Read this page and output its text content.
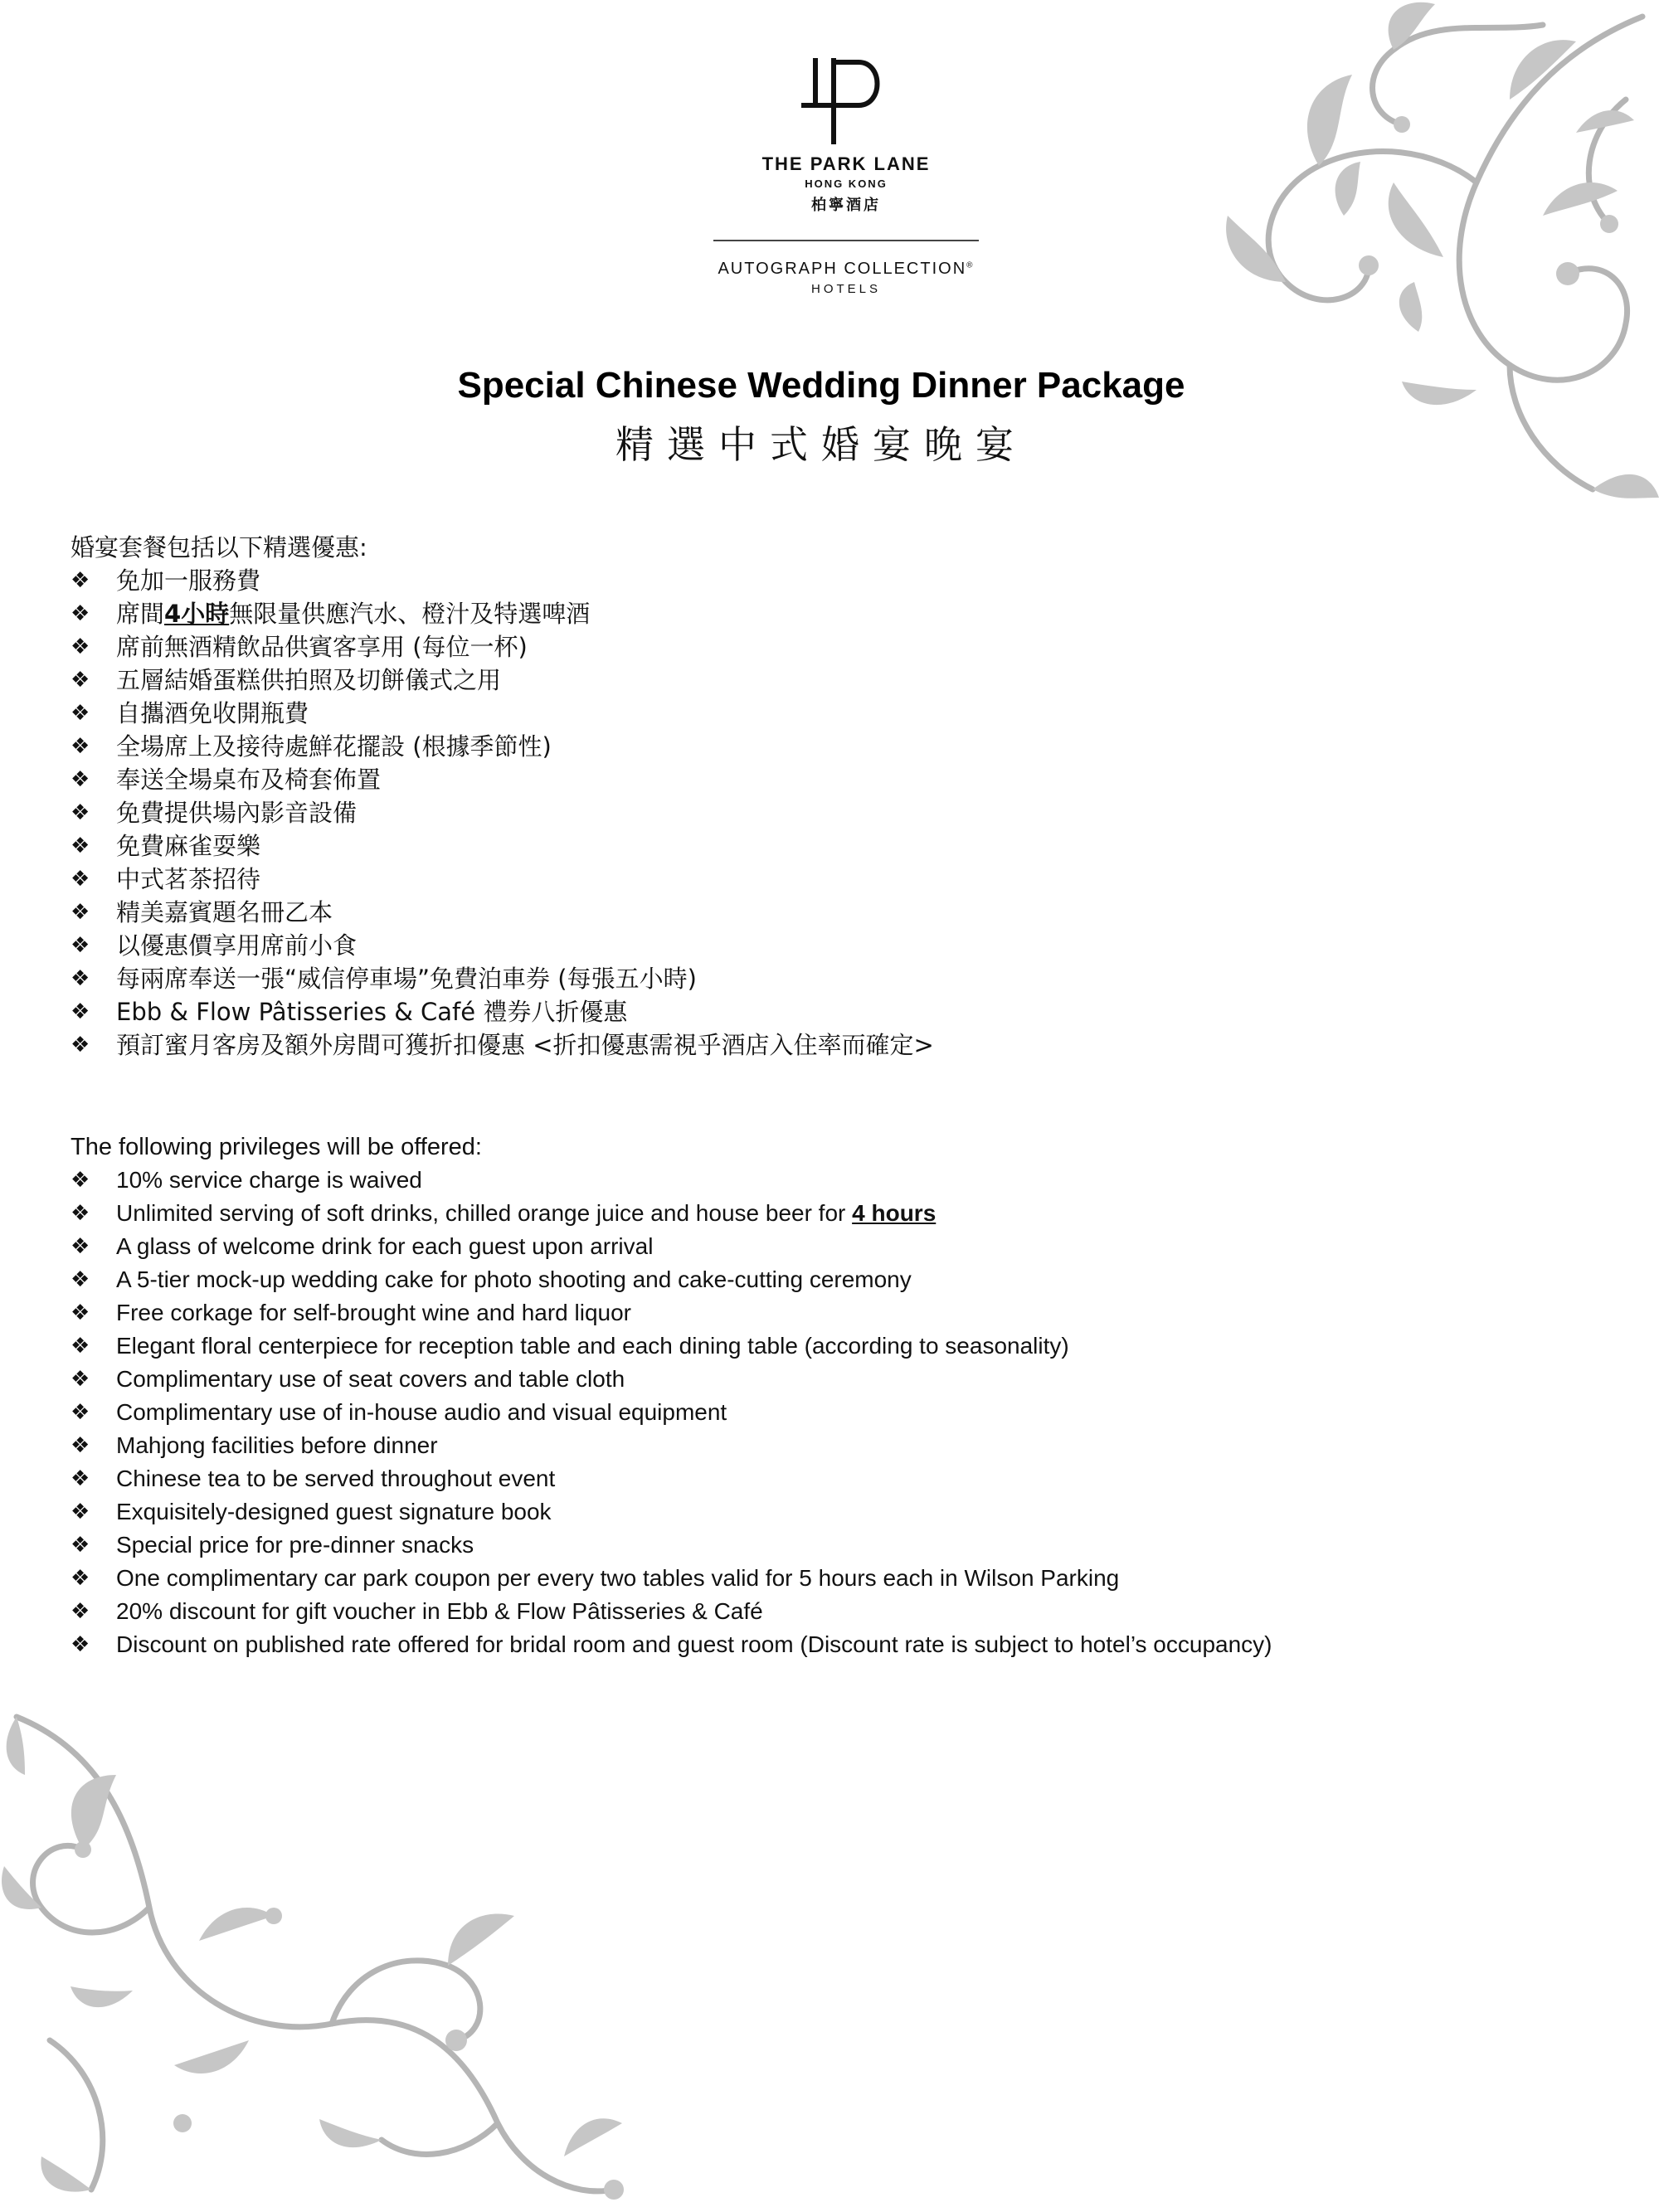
THE PARK LANE
HONG KONG
柏寧酒店
AUTOGRAPH COLLECTION®
HOTELS
Special Chinese Wedding Dinner Package
精選中式婚宴晚宴
婚宴套餐包括以下精選優惠:
❖	免加一服務費
❖	席間4小時無限量供應汽水、橙汁及特選啤酒
❖	席前無酒精飲品供賓客享用 (每位一杯)
❖	五層結婚蛋糕供拍照及切餅儀式之用
❖	自攜酒免收開瓶費
❖	全場席上及接待處鮮花擺設 (根據季節性)
❖	奉送全場桌布及椅套佈置
❖	免費提供場內影音設備
❖	免費麻雀耍樂
❖	中式茗茶招待
❖	精美嘉賓題名冊乙本
❖	以優惠價享用席前小食
❖	每兩席奉送一張“威信停車場”免費泊車券 (每張五小時)
❖	Ebb & Flow Pâtisseries & Café 禮券八折優惠
❖	預訂蜜月客房及額外房間可獲折扣優惠 <折扣優惠需視乎酒店入住率而確定>
The following privileges will be offered:
❖	10% service charge is waived
❖	Unlimited serving of soft drinks, chilled orange juice and house beer for 4 hours
❖	A glass of welcome drink for each guest upon arrival
❖	A 5-tier mock-up wedding cake for photo shooting and cake-cutting ceremony
❖	Free corkage for self-brought wine and hard liquor
❖	Elegant floral centerpiece for reception table and each dining table (according to seasonality)
❖	Complimentary use of seat covers and table cloth
❖	Complimentary use of in-house audio and visual equipment
❖	Mahjong facilities before dinner
❖	Chinese tea to be served throughout event
❖	Exquisitely-designed guest signature book
❖	Special price for pre-dinner snacks
❖	One complimentary car park coupon per every two tables valid for 5 hours each in Wilson Parking
❖	20% discount for gift voucher in Ebb & Flow Pâtisseries & Café
❖	Discount on published rate offered for bridal room and guest room (Discount rate is subject to hotel’s occupancy)
